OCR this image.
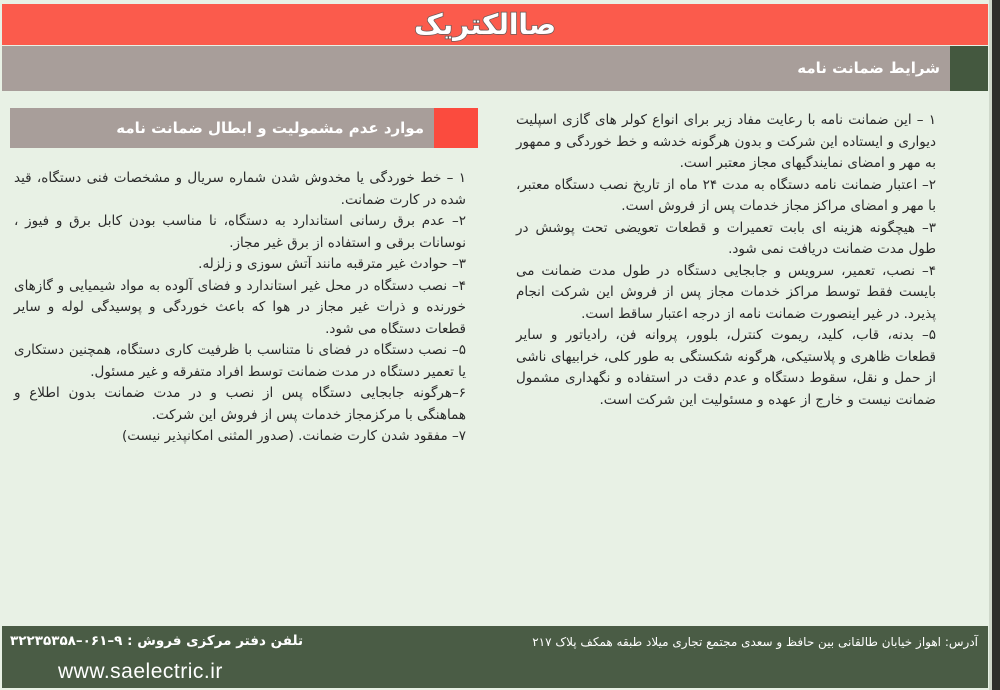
صاالکتریک
شرایط ضمانت نامه

۱ – این ضمانت نامه با رعایت مفاد زیر برای انواع کولر های گازی اسپلیت دیواری و ایستاده این شرکت و بدون هرگونه خدشه و خط خوردگی و ممهور به مهر و امضای نمایندگیهای مجاز معتبر است.

۲– اعتبار ضمانت نامه دستگاه به مدت ۲۴ ماه از تاریخ نصب دستگاه معتبر، با مهر و امضای مراکز مجاز خدمات پس از فروش است.

۳– هیچگونه هزینه ای بابت تعمیرات و قطعات تعویضی تحت پوشش در طول مدت ضمانت دریافت نمی شود.

۴– نصب، تعمیر، سرویس و جابجایی دستگاه در طول مدت ضمانت می بایست فقط توسط مراکز خدمات مجاز پس از فروش این شرکت انجام پذیرد. در غیر اینصورت ضمانت نامه از درجه اعتبار ساقط است.

۵– بدنه، قاب، کلید، ریموت کنترل، بلوور، پروانه فن، رادیاتور و سایر قطعات ظاهری و پلاستیکی، هرگونه شکستگی به طور کلی، خرابیهای ناشی از حمل و نقل، سقوط دستگاه و عدم دقت در استفاده و نگهداری مشمول ضمانت نیست و خارج از عهده و مسئولیت این شرکت است.

موارد عدم مشمولیت و ابطال ضمانت نامه

۱ – خط خوردگی یا مخدوش شدن شماره سریال و مشخصات فنی دستگاه، قید شده در کارت ضمانت.

۲– عدم برق رسانی استاندارد به دستگاه، نا مناسب بودن کابل برق و فیوز ، نوسانات برقی و استفاده از برق غیر مجاز.

۳– حوادث غیر مترقبه مانند آتش سوزی و زلزله.

۴– نصب دستگاه در محل غیر استاندارد و فضای آلوده به مواد شیمیایی و گازهای خورنده و ذرات غیر مجاز در هوا که باعث خوردگی و پوسیدگی لوله و سایر قطعات دستگاه می شود.

۵– نصب دستگاه در فضای نا متناسب با ظرفیت کاری دستگاه، همچنین دستکاری یا تعمیر دستگاه در مدت ضمانت توسط افراد متفرقه و غیر مسئول.

۶–هرگونه جابجایی دستگاه پس از نصب و در مدت ضمانت بدون اطلاع و هماهنگی با مرکزمجاز خدمات پس از فروش این شرکت.

۷– مفقود شدن کارت ضمانت. (صدور المثنی امکانپذیر نیست)

تلفن دفتر مرکزی فروش : ۹–۰۶۱–۳۲۲۳۵۳۵۸
www.saelectric.ir
آدرس: اهواز خیابان طالقانی بین حافظ و سعدی مجتمع تجاری میلاد طبقه همکف پلاک ۲۱۷
